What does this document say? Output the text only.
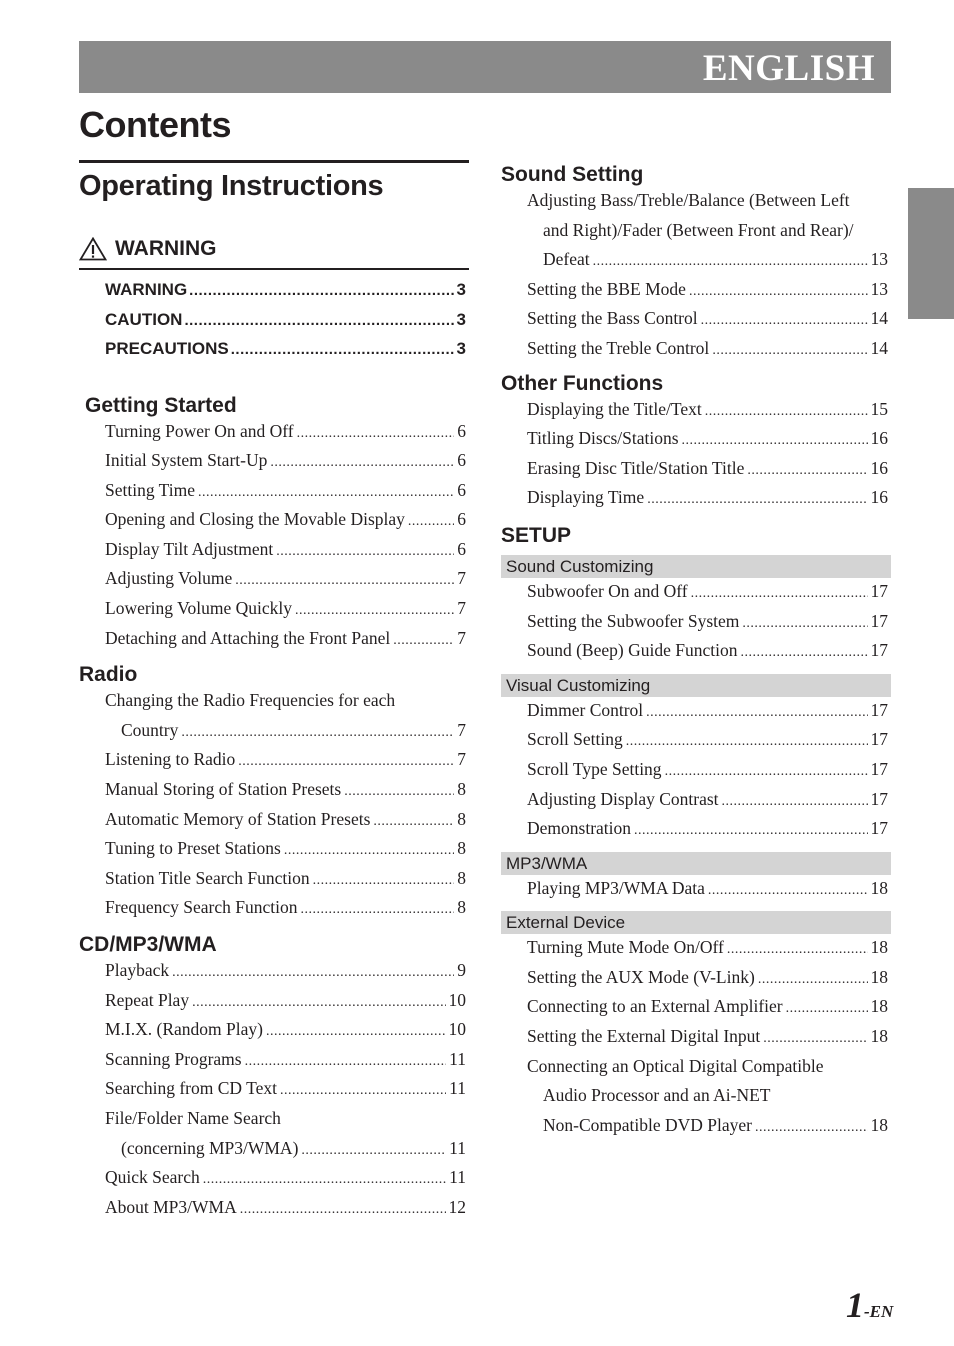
ENGLISH
Contents
Operating Instructions
WARNING
WARNING .....	3
CAUTION .....	3
PRECAUTIONS .....	3
Getting Started
Turning Power On and Off .....	6
Initial System Start-Up .....	6
Setting Time .....	6
Opening and Closing the Movable Display .....	6
Display Tilt Adjustment .....	6
Adjusting Volume .....	7
Lowering Volume Quickly .....	7
Detaching and Attaching the Front Panel .....	7
Radio
Changing the Radio Frequencies for each
Country .....	7
Listening to Radio .....	7
Manual Storing of Station Presets .....	8
Automatic Memory of Station Presets .....	8
Tuning to Preset Stations .....	8
Station Title Search Function .....	8
Frequency Search Function .....	8
CD/MP3/WMA
Playback .....	9
Repeat Play .....	10
M.I.X. (Random Play) .....	10
Scanning Programs .....	11
Searching from CD Text .....	11
File/Folder Name Search
(concerning MP3/WMA) .....	11
Quick Search .....	11
About MP3/WMA .....	12
Sound Setting
Adjusting Bass/Treble/Balance (Between Left
and Right)/Fader (Between Front and Rear)/
Defeat .....	13
Setting the BBE Mode .....	13
Setting the Bass Control .....	14
Setting the Treble Control .....	14
Other Functions
Displaying the Title/Text .....	15
Titling Discs/Stations .....	16
Erasing Disc Title/Station Title .....	16
Displaying Time .....	16
SETUP
Sound Customizing
Subwoofer On and Off .....	17
Setting the Subwoofer System .....	17
Sound (Beep) Guide Function .....	17
Visual Customizing
Dimmer Control .....	17
Scroll Setting .....	17
Scroll Type Setting .....	17
Adjusting Display Contrast .....	17
Demonstration .....	17
MP3/WMA
Playing MP3/WMA Data .....	18
External Device
Turning Mute Mode On/Off .....	18
Setting the AUX Mode (V-Link) .....	18
Connecting to an External Amplifier .....	18
Setting the External Digital Input .....	18
Connecting an Optical Digital Compatible
Audio Processor and an Ai-NET
Non-Compatible DVD Player .....	18
1-EN
